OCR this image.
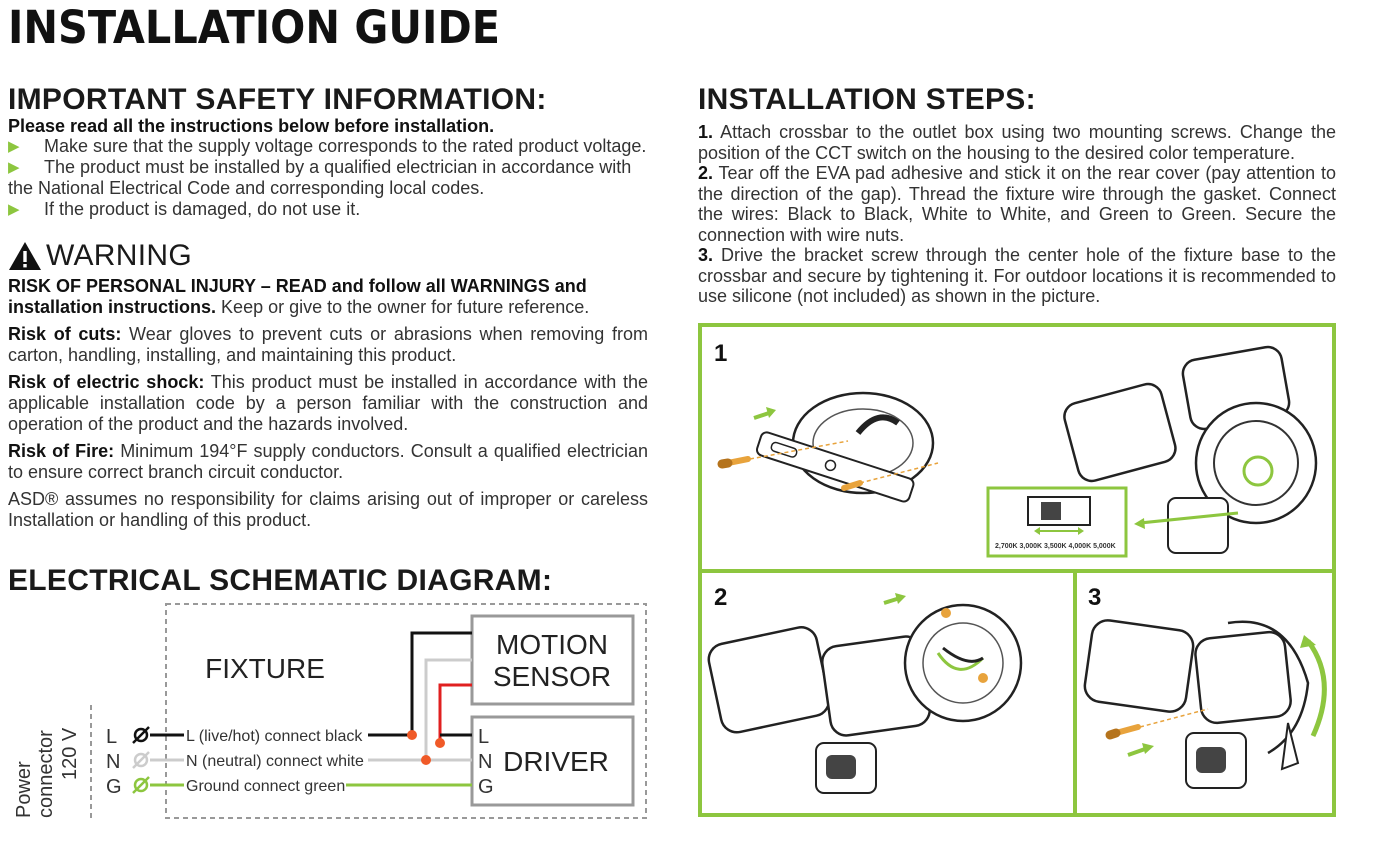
INSTALLATION GUIDE
IMPORTANT SAFETY INFORMATION:
Please read all the instructions below before installation.
▶ Make sure that the supply voltage corresponds to the rated product voltage.
▶ The product must be installed by a qualified electrician in accordance with the National Electrical Code and corresponding local codes.
▶ If the product is damaged, do not use it.
WARNING
RISK OF PERSONAL INJURY – READ and follow all WARNINGS and installation instructions. Keep or give to the owner for future reference.
Risk of cuts: Wear gloves to prevent cuts or abrasions when removing from carton, handling, installing, and maintaining this product.
Risk of electric shock: This product must be installed in accordance with the applicable installation code by a person familiar with the construction and operation of the product and the hazards involved.
Risk of Fire: Minimum 194°F supply conductors. Consult a qualified electrician to ensure correct branch circuit conductor.
ASD® assumes no responsibility for claims arising out of improper or careless Installation or handling of this product.
ELECTRICAL SCHEMATIC DIAGRAM:
FIXTURE
MOTION
SENSOR
DRIVER
L
N
G
L
N
G
L (live/hot) connect black
N (neutral) connect white
Ground connect green
Power connector 120 V
INSTALLATION STEPS:
1. Attach crossbar to the outlet box using two mounting screws. Change the position of the CCT switch on the housing to the desired color temperature.
2. Tear off the EVA pad adhesive and stick it on the rear cover (pay attention to the direction of the gap). Thread the fixture wire through the gasket. Connect the wires: Black to Black, White to White, and Green to Green. Secure the connection with wire nuts.
3. Drive the bracket screw through the center hole of the fixture base to the crossbar and secure by tightening it. For outdoor locations it is recommended to use silicone (not included) as shown in the picture.
1
2,700K 3,000K 3,500K 4,000K 5,000K
2	3
